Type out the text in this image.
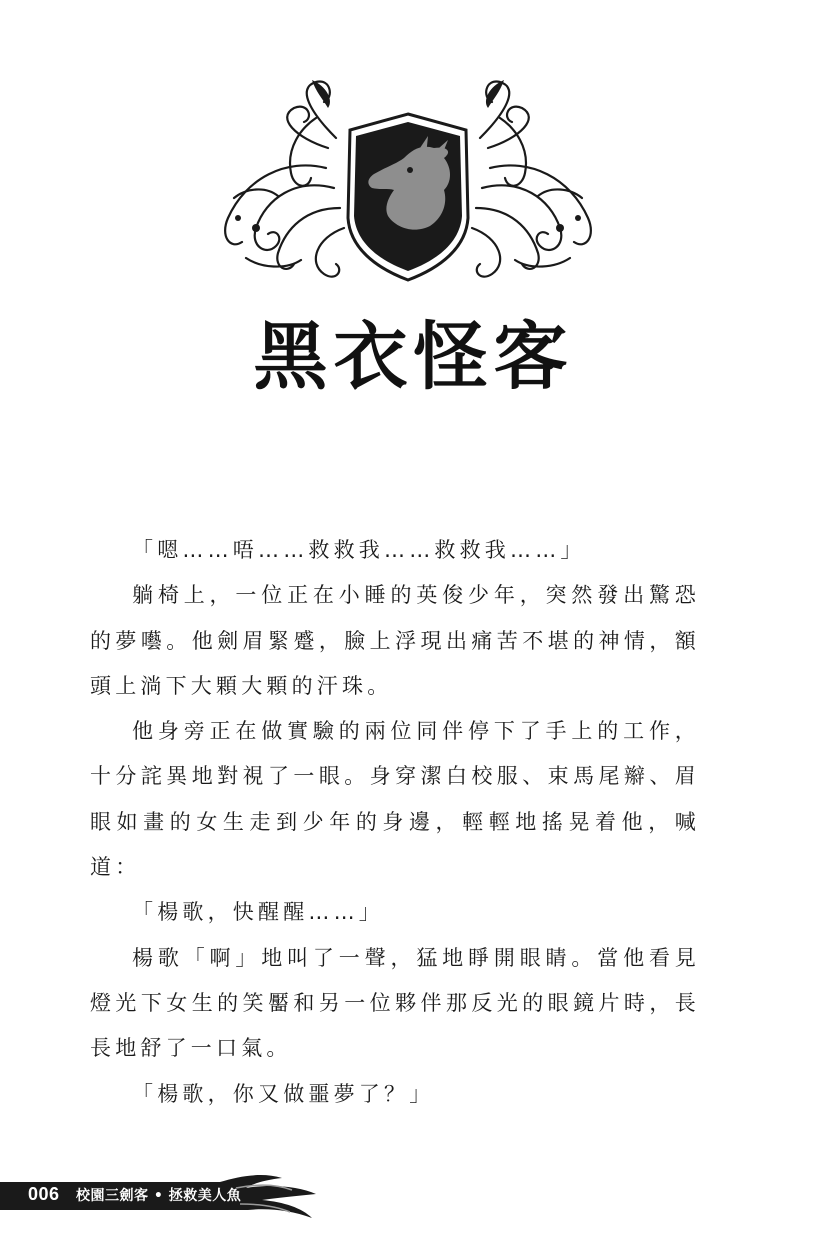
黑衣怪客

「嗯……唔……救救我……救救我……」

躺椅上，一位正在小睡的英俊少年，突然發出驚恐的夢囈。他劍眉緊蹙，臉上浮現出痛苦不堪的神情，額頭上淌下大顆大顆的汗珠。

他身旁正在做實驗的兩位同伴停下了手上的工作，十分詫異地對視了一眼。身穿潔白校服、束馬尾辮、眉眼如畫的女生走到少年的身邊，輕輕地搖晃着他，喊道：

「楊歌，快醒醒……」

楊歌「啊」地叫了一聲，猛地睜開眼睛。當他看見燈光下女生的笑靨和另一位夥伴那反光的眼鏡片時，長長地舒了一口氣。

「楊歌，你又做噩夢了？」

006 校園三劍客 • 拯救美人魚
